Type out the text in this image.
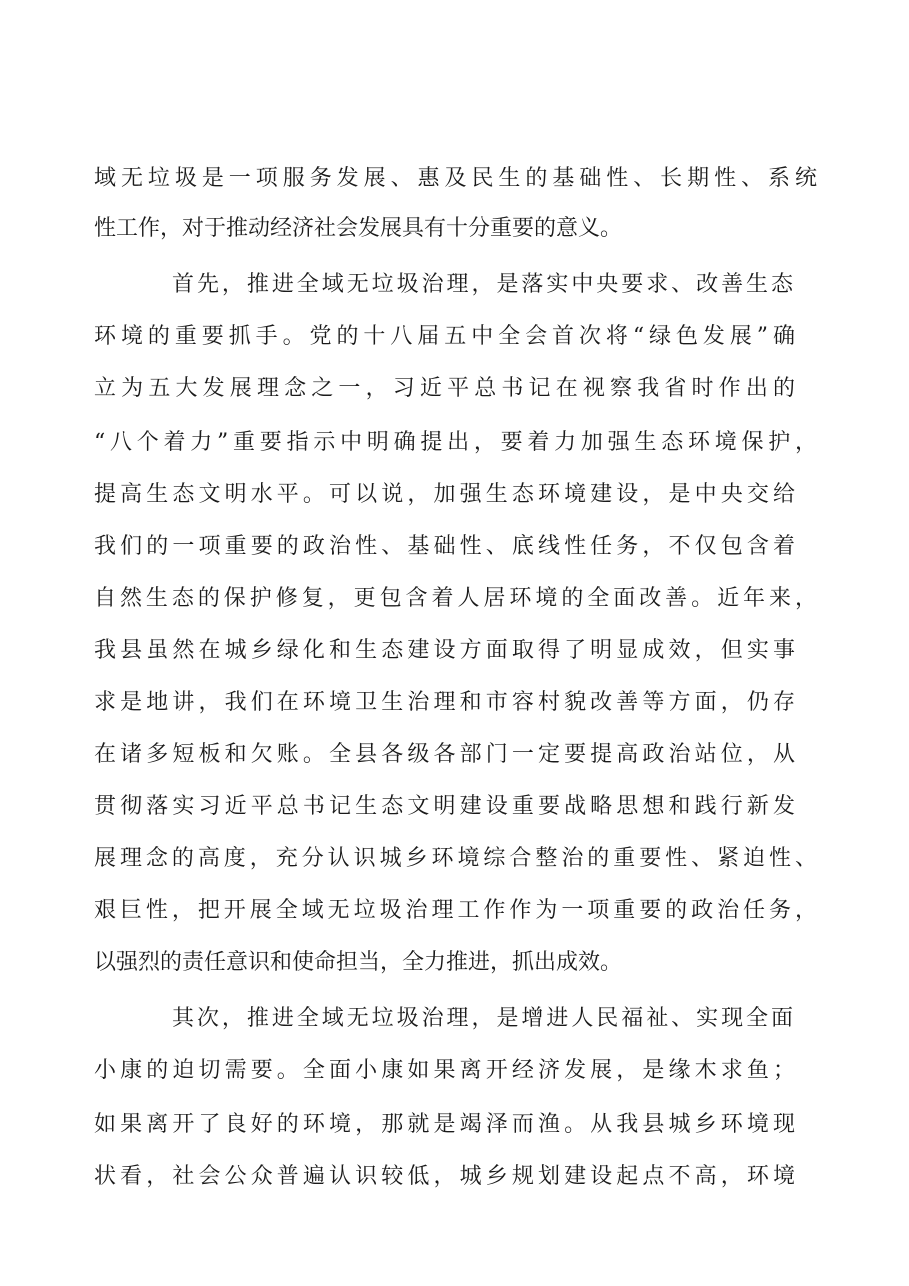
域无垃圾是一项服务发展、惠及民生的基础性、长期性、系统
性工作，对于推动经济社会发展具有十分重要的意义。
首先，推进全域无垃圾治理，是落实中央要求、改善生态
环境的重要抓手。党的十八届五中全会首次将“绿色发展”确
立为五大发展理念之一，习近平总书记在视察我省时作出的
“八个着力”重要指示中明确提出，要着力加强生态环境保护，
提高生态文明水平。可以说，加强生态环境建设，是中央交给
我们的一项重要的政治性、基础性、底线性任务，不仅包含着
自然生态的保护修复，更包含着人居环境的全面改善。近年来，
我县虽然在城乡绿化和生态建设方面取得了明显成效，但实事
求是地讲，我们在环境卫生治理和市容村貌改善等方面，仍存
在诸多短板和欠账。全县各级各部门一定要提高政治站位，从
贯彻落实习近平总书记生态文明建设重要战略思想和践行新发
展理念的高度，充分认识城乡环境综合整治的重要性、紧迫性、
艰巨性，把开展全域无垃圾治理工作作为一项重要的政治任务，
以强烈的责任意识和使命担当，全力推进，抓出成效。
其次，推进全域无垃圾治理，是增进人民福祉、实现全面
小康的迫切需要。全面小康如果离开经济发展，是缘木求鱼；
如果离开了良好的环境，那就是竭泽而渔。从我县城乡环境现
状看，社会公众普遍认识较低，城乡规划建设起点不高，环境
